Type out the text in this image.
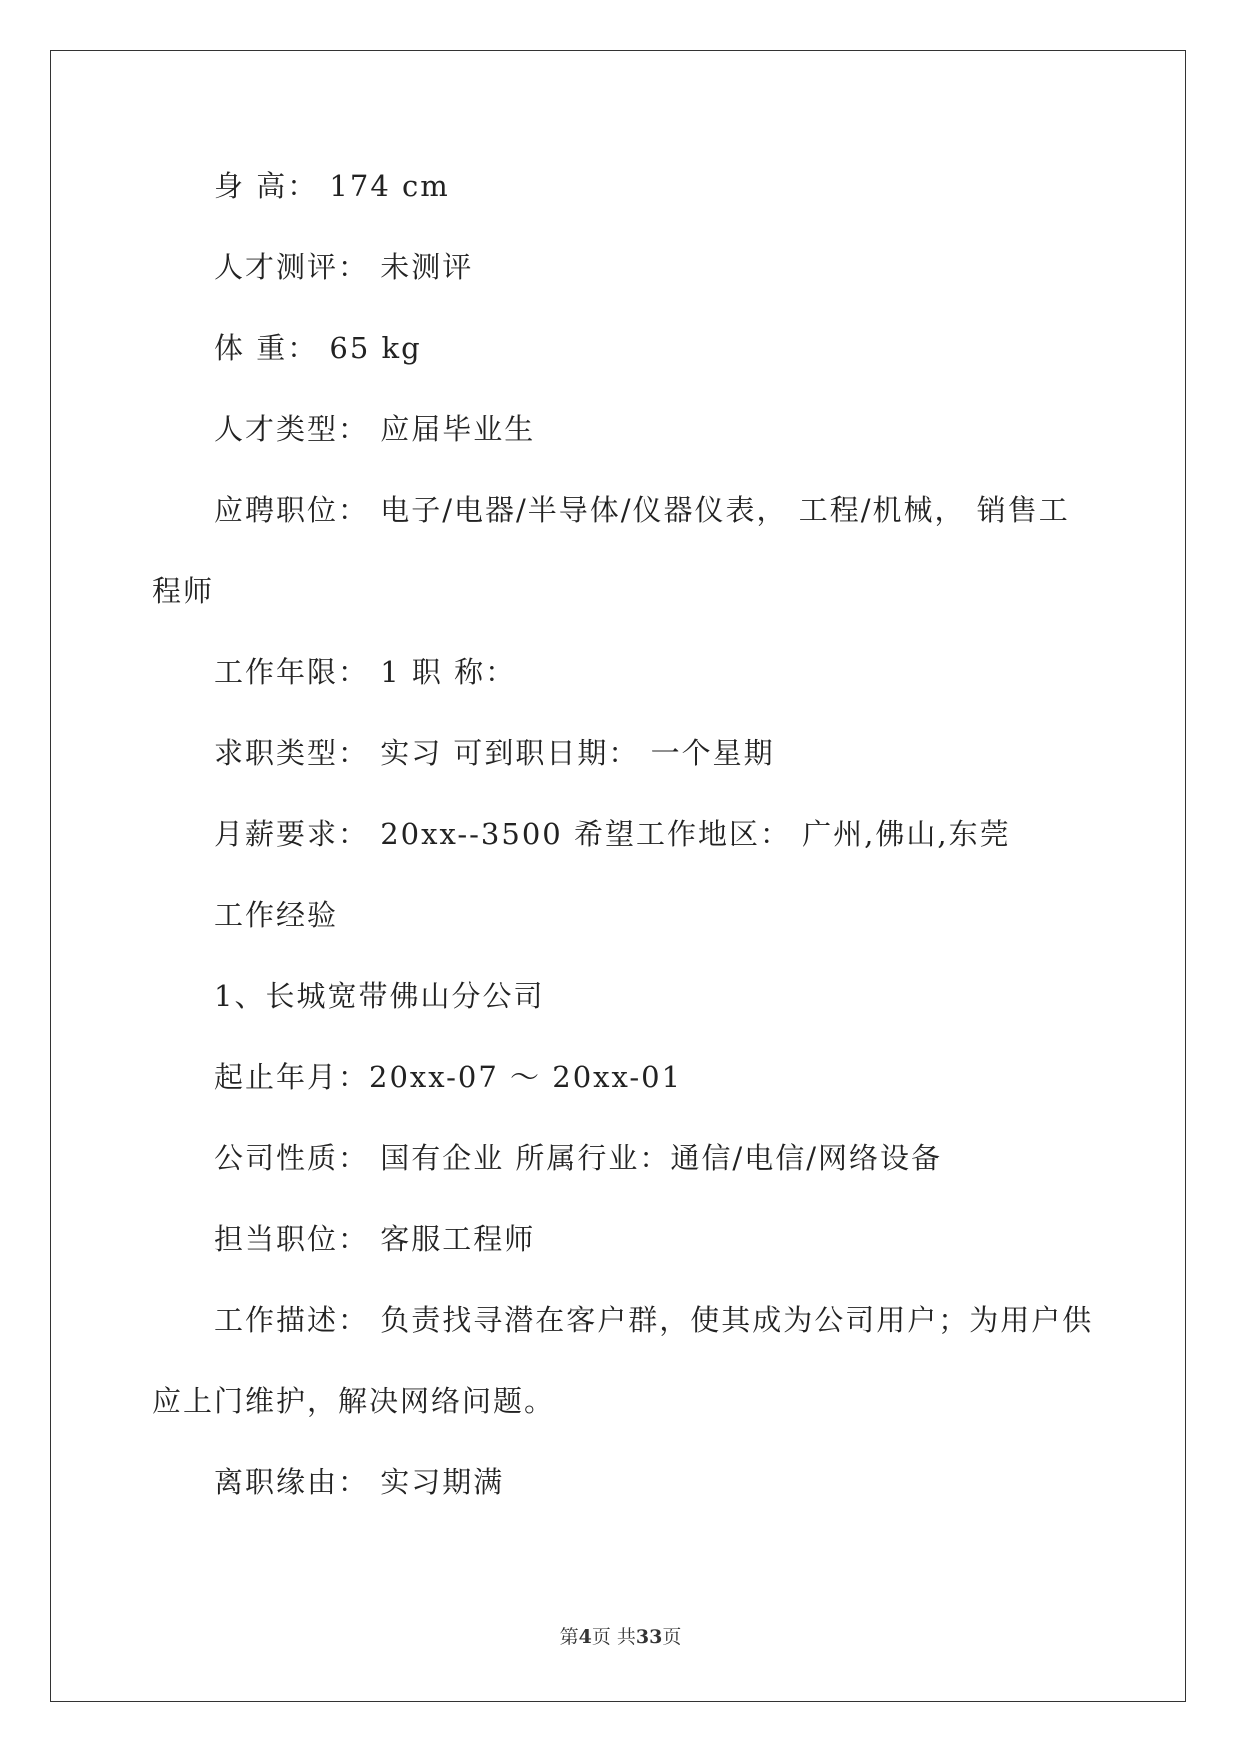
身 高： 174 cm
人才测评： 未测评
体 重： 65 kg
人才类型： 应届毕业生
应聘职位： 电子/电器/半导体/仪器仪表， 工程/机械， 销售工
程师
工作年限： 1 职 称：
求职类型： 实习 可到职日期： 一个星期
月薪要求： 20xx--3500 希望工作地区： 广州,佛山,东莞
工作经验
1、长城宽带佛山分公司
起止年月：20xx-07 ～ 20xx-01
公司性质： 国有企业 所属行业：通信/电信/网络设备
担当职位： 客服工程师
工作描述： 负责找寻潜在客户群，使其成为公司用户；为用户供
应上门维护，解决网络问题。
离职缘由： 实习期满
第4页 共33页
